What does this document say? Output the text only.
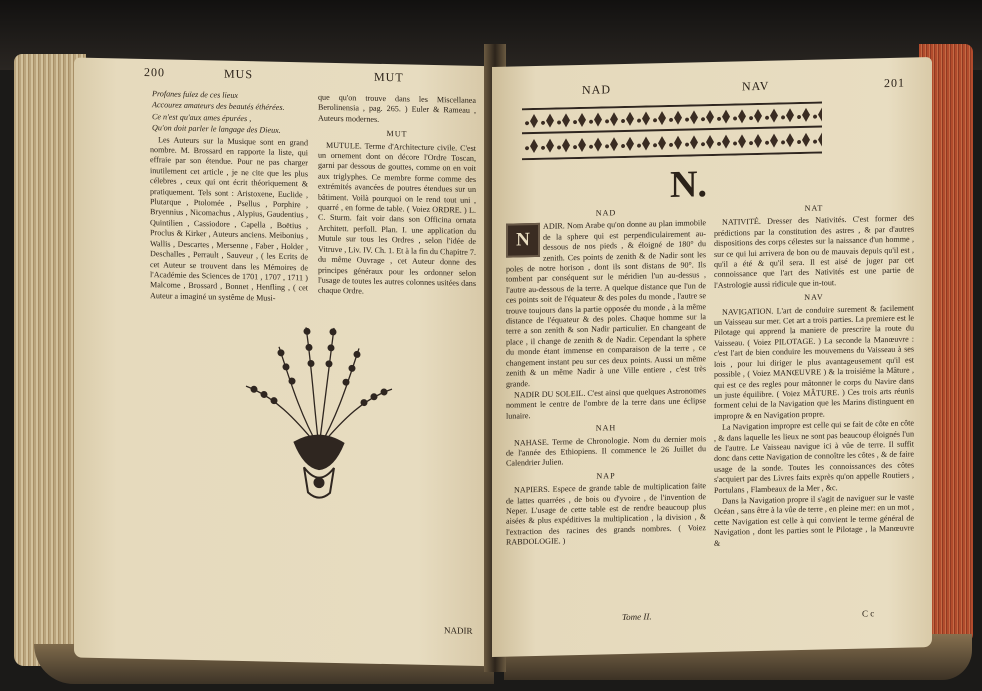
200	MUS	MUT

Profanes fuïez de ces lieux

Accourez amateurs des beautés éthérées.

Ce n'est qu'aux ames épurées ,

Qu'on doit parler le langage des Dieux.

Les Auteurs sur la Musique sont en grand nombre. M. Brossard en rapporte la liste, qui effraie par son étendue. Pour ne pas charger inutilement cet article , je ne cite que les plus célebres , ceux qui ont écrit théoriquement & pratiquement. Tels sont : Aristoxene, Euclide , Plutarque , Ptolomée , Psellus , Porphire , Bryennius , Nicomachus , Alypius, Gaudentius , Quintilien , Cassiodore , Capella , Boëtius , Proclus & Kirker , Auteurs anciens. Meibonius , Wallis , Descartes , Mersenne , Faber , Holder , Deschalles , Perrault , Sauveur , ( les Ecrits de cet Auteur se trouvent dans les Mémoires de l'Académie des Sciences de 1701 , 1707 , 1711 ) Malcome , Brossard , Bonnet , Henfling , ( cet Auteur a imaginé un systême de Musi-

que qu'on trouve dans les Miscellanea Berolinensia , pag. 265. ) Euler & Rameau , Auteurs modernes.

MUT

MUTULE. Terme d'Architecture civile. C'est un ornement dont on décore l'Ordre Toscan, garni par dessous de gouttes, comme on en voit aux triglyphes. Ce membre forme comme des extrémités avancées de poutres étendues sur un bâtiment. Voilà pourquoi on le rend tout uni , quarré , en forme de table. ( Voiez ORDRE. ) L. C. Sturm. fait voir dans son Officina ornata Architett. perfoll. Plan. I. une application du Mutule sur tous les Ordres , selon l'idée de Vitruve , Liv. IV. Ch. 1. Et à la fin du Chapitre 7. du même Ouvrage , cet Auteur donne des principes généraux pour les ordonner selon l'usage de toutes les autres colonnes usitées dans chaque Ordre.

NADIR
NAD	NAV	201
N.

NAD

N
ADIR. Nom Arabe qu'on donne au plan immobile de la sphere qui est perpendiculairement au-dessous de nos pieds , & éloigné de 180° du zenith. Ces points de zenith & de Nadir sont les poles de notre horison , dont ils sont distans de 90°. Ils tombent par conséquent sur le méridien l'un au-dessus , l'autre au-dessous de la terre. A quelque distance que l'un de ces points soit de l'équateur & des poles du monde , l'autre se trouve toujours dans la partie opposée du monde , à la même distance de l'équateur & des poles. Chaque homme sur la terre a son zenith & son Nadir particulier. En changeant de place , il change de zenith & de Nadir. Cependant la sphere du monde étant immense en comparaison de la terre , ce changement instant peu sur ces deux points. Aussi un même zenith & un même Nadir à une Ville entiere , c'est très grande.

NADIR DU SOLEIL. C'est ainsi que quelques Astronomes nomment le centre de l'ombre de la terre dans une éclipse lunaire.

NAH

NAHASE. Terme de Chronologie. Nom du dernier mois de l'année des Ethiopiens. Il commence le 26 Juillet du Calendrier Julien.

NAP

NAPIERS. Espece de grande table de multiplication faite de lattes quarrées , de bois ou d'yvoire , de l'invention de Neper. L'usage de cette table est de rendre beaucoup plus aisées & plus expéditives la multiplication , la division , & l'extraction des racines des grands nombres. ( Voiez RABDOLOGIE. )

NAT

NATIVITÉ. Dresser des Nativités. C'est former des prédictions par la constitution des astres , & par d'autres dispositions des corps célestes sur la naissance d'un homme , sur ce qui lui arrivera de bon ou de mauvais depuis qu'il est , qu'il a été & qu'il sera. Il est aisé de juger par cet connoissance que l'art des Nativités est une partie de l'Astrologie aussi ridicule que in-tout.

NAV

NAVIGATION. L'art de conduire surement & facilement un Vaisseau sur mer. Cet art a trois parties. La premiere est le Pilotage qui apprend la maniere de prescrire la route du Vaisseau. ( Voiez PILOTAGE. ) La seconde la Manœuvre : c'est l'art de bien conduire les mouvemens du Vaisseau à ses lois , pour lui diriger le plus avantageusement qu'il est possible , ( Voiez MANŒUVRE ) & la troisiéme la Mâture , qui est ce des regles pour mâtonner le corps du Navire dans un juste équilibre. ( Voiez MÂTURE. ) Ces trois arts réunis forment celui de la Navigation que les Marins distinguent en impropre & en Navigation propre.

La Navigation impropre est celle qui se fait de côte en côte , & dans laquelle les lieux ne sont pas beaucoup éloignés l'un de l'autre. Le Vaisseau navigue ici à vûe de terre. Il suffit donc dans cette Navigation de connoître les côtes , & de faire usage de la sonde. Toutes les connoissances des côtes s'acquiert par des Livres faits exprès qu'on appelle Routiers , Portulans , Flambeaux de la Mer , &c.

Dans la Navigation propre il s'agit de naviguer sur le vaste Océan , sans être à la vûe de terre , en pleine mer: en un mot , cette Navigation est celle à qui convient le terme général de Navigation , dont les parties sont le Pilotage , la Manœuvre &

Tome II.	C c
